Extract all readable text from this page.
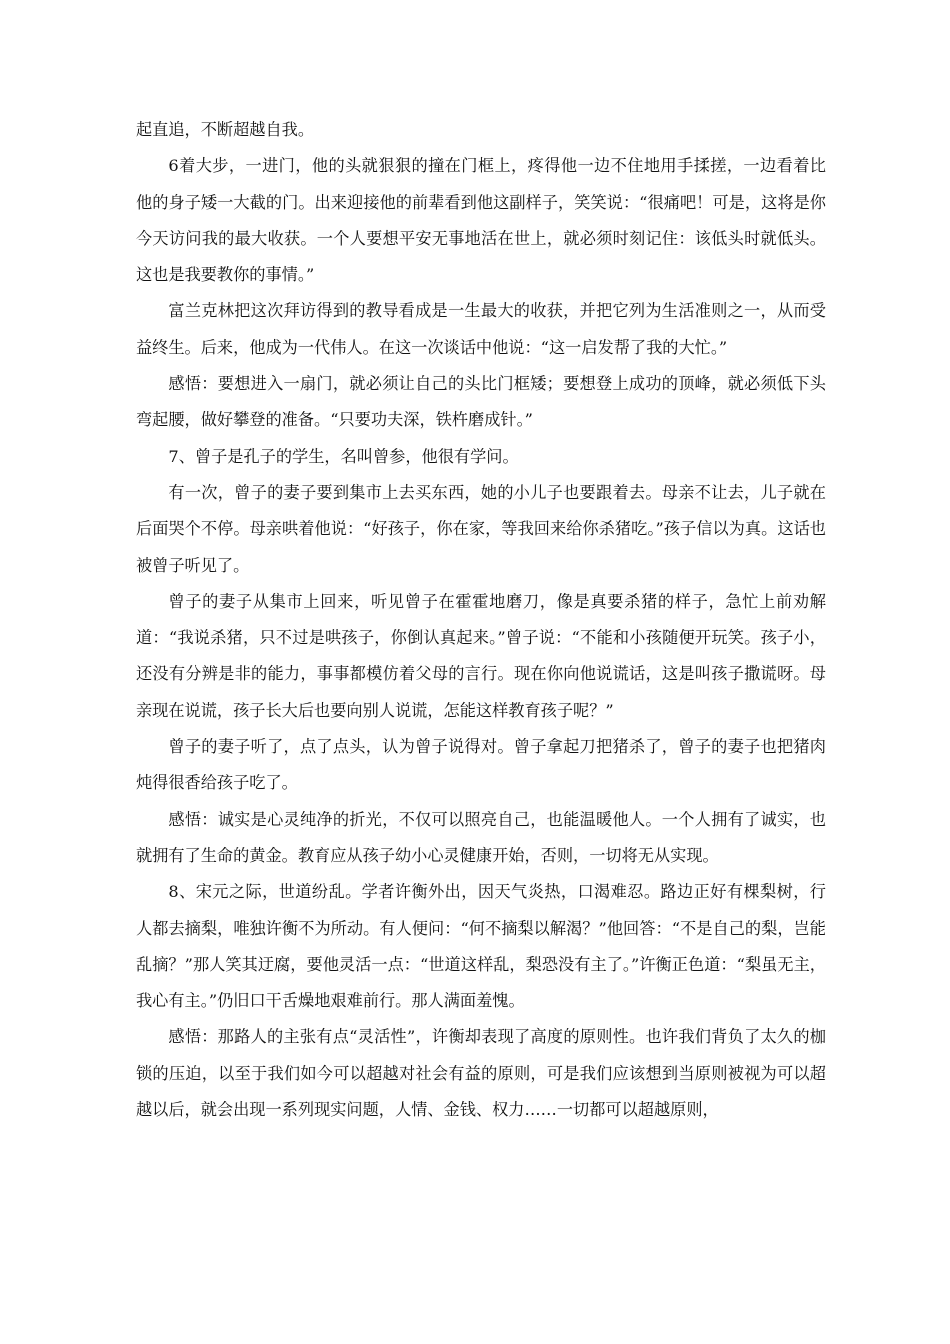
起直追，不断超越自我。

6着大步，一进门，他的头就狠狠的撞在门框上，疼得他一边不住地用手揉搓，一边看着比他的身子矮一大截的门。出来迎接他的前辈看到他这副样子，笑笑说：“很痛吧！可是，这将是你今天访问我的最大收获。一个人要想平安无事地活在世上，就必须时刻记住：该低头时就低头。这也是我要教你的事情。”

富兰克林把这次拜访得到的教导看成是一生最大的收获，并把它列为生活准则之一，从而受益终生。后来，他成为一代伟人。在这一次谈话中他说：“这一启发帮了我的大忙。”

感悟：要想进入一扇门，就必须让自己的头比门框矮；要想登上成功的顶峰，就必须低下头弯起腰，做好攀登的准备。“只要功夫深，铁杵磨成针。”

7、曾子是孔子的学生，名叫曾参，他很有学问。

有一次，曾子的妻子要到集市上去买东西，她的小儿子也要跟着去。母亲不让去，儿子就在后面哭个不停。母亲哄着他说：“好孩子，你在家，等我回来给你杀猪吃。”孩子信以为真。这话也被曾子听见了。

曾子的妻子从集市上回来，听见曾子在霍霍地磨刀，像是真要杀猪的样子，急忙上前劝解道：“我说杀猪，只不过是哄孩子，你倒认真起来。”曾子说：“不能和小孩随便开玩笑。孩子小，还没有分辨是非的能力，事事都模仿着父母的言行。现在你向他说谎话，这是叫孩子撒谎呀。母亲现在说谎，孩子长大后也要向别人说谎，怎能这样教育孩子呢？”

曾子的妻子听了，点了点头，认为曾子说得对。曾子拿起刀把猪杀了，曾子的妻子也把猪肉炖得很香给孩子吃了。

感悟：诚实是心灵纯净的折光，不仅可以照亮自己，也能温暖他人。一个人拥有了诚实，也就拥有了生命的黄金。教育应从孩子幼小心灵健康开始，否则，一切将无从实现。

8、宋元之际，世道纷乱。学者许衡外出，因天气炎热，口渴难忍。路边正好有棵梨树，行人都去摘梨，唯独许衡不为所动。有人便问：“何不摘梨以解渴？”他回答：“不是自己的梨，岂能乱摘？”那人笑其迂腐，要他灵活一点：“世道这样乱，梨恐没有主了。”许衡正色道：“梨虽无主，我心有主。”仍旧口干舌燥地艰难前行。那人满面羞愧。

感悟：那路人的主张有点“灵活性”，许衡却表现了高度的原则性。也许我们背负了太久的枷锁的压迫，以至于我们如今可以超越对社会有益的原则，可是我们应该想到当原则被视为可以超越以后，就会出现一系列现实问题，人情、金钱、权力……一切都可以超越原则，
